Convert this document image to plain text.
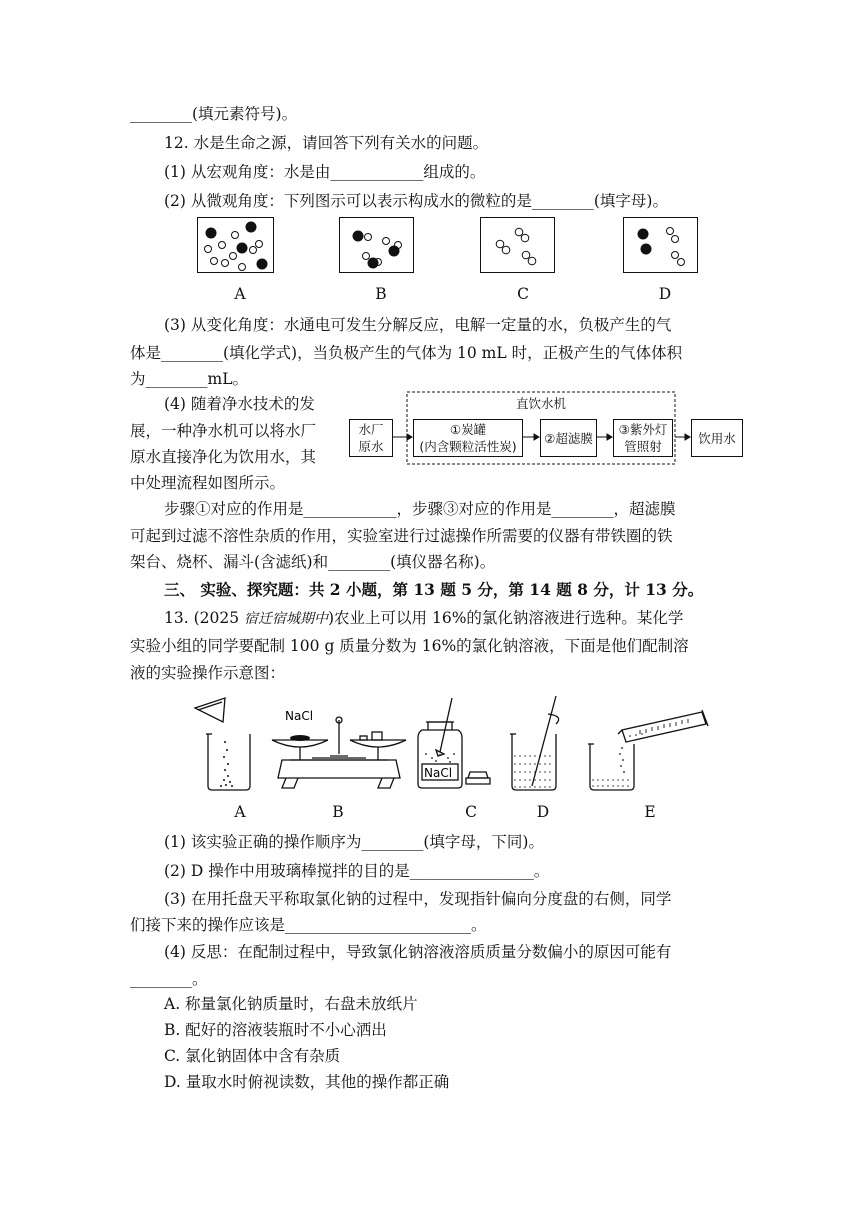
________(填元素符号)。
12. 水是生命之源，请回答下列有关水的问题。
(1) 从宏观角度：水是由____________组成的。
(2) 从微观角度：下列图示可以表示构成水的微粒的是________(填字母)。
A	B	C	D
(3) 从变化角度：水通电可发生分解反应，电解一定量的水，负极产生的气
体是________(填化学式)，当负极产生的气体为 10 mL 时，正极产生的气体体积
为________mL。
(4) 随着净水技术的发
展，一种净水机可以将水厂
原水直接净化为饮用水，其
中处理流程如图所示。
直饮水机
水厂
原水
①炭罐
(内含颗粒活性炭)
②超滤膜
③紫外灯
管照射
饮用水
步骤①对应的作用是____________，步骤③对应的作用是________，超滤膜
可起到过滤不溶性杂质的作用，实验室进行过滤操作所需要的仪器有带铁圈的铁
架台、烧杯、漏斗(含滤纸)和________(填仪器名称)。
三、 实验、探究题：共 2 小题，第 13 题 5 分，第 14 题 8 分，计 13 分。
13. (2025 宿迁宿城期中)农业上可以用 16%的氯化钠溶液进行选种。某化学
实验小组的同学要配制 100 g 质量分数为 16%的氯化钠溶液，下面是他们配制溶
液的实验操作示意图：
NaCl
NaCl
A	B	C	D	E
(1) 该实验正确的操作顺序为________(填字母，下同)。
(2) D 操作中用玻璃棒搅拌的目的是________________。
(3) 在用托盘天平称取氯化钠的过程中，发现指针偏向分度盘的右侧，同学
们接下来的操作应该是________________________。
(4) 反思：在配制过程中，导致氯化钠溶液溶质质量分数偏小的原因可能有
________。
A. 称量氯化钠质量时，右盘未放纸片
B. 配好的溶液装瓶时不小心洒出
C. 氯化钠固体中含有杂质
D. 量取水时俯视读数，其他的操作都正确
